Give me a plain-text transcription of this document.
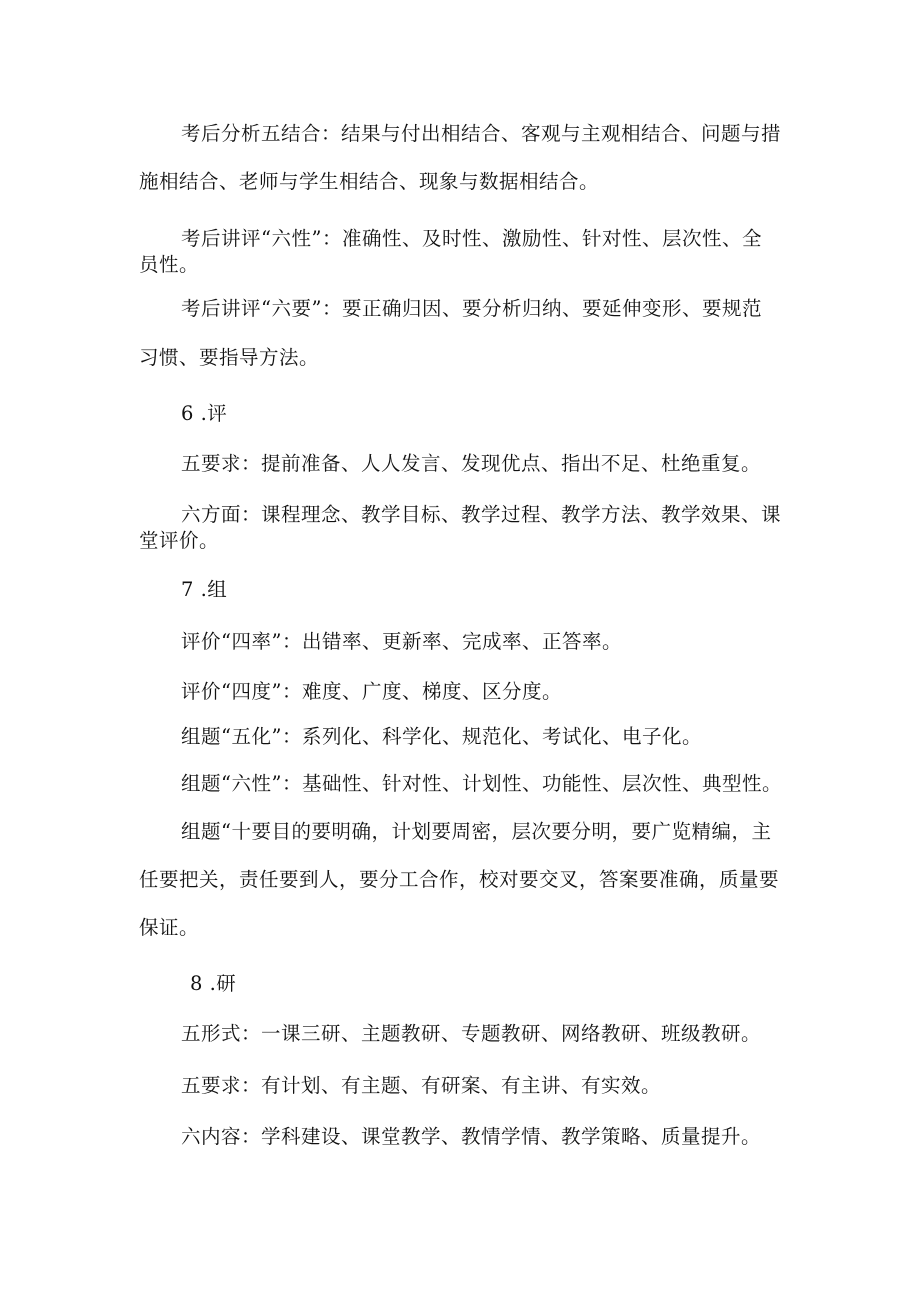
考后分析五结合：结果与付出相结合、客观与主观相结合、问题与措
施相结合、老师与学生相结合、现象与数据相结合。
考后讲评“六性”：准确性、及时性、激励性、针对性、层次性、全
员性。
考后讲评“六要”：要正确归因、要分析归纳、要延伸变形、要规范
习惯、要指导方法。
6 .评
五要求：提前准备、人人发言、发现优点、指出不足、杜绝重复。
六方面：课程理念、教学目标、教学过程、教学方法、教学效果、课
堂评价。
7 .组
评价“四率”：出错率、更新率、完成率、正答率。
评价“四度”：难度、广度、梯度、区分度。
组题“五化”：系列化、科学化、规范化、考试化、电子化。
组题“六性”：基础性、针对性、计划性、功能性、层次性、典型性。
组题“十要目的要明确，计划要周密，层次要分明，要广览精编，主
任要把关，责任要到人，要分工合作，校对要交叉，答案要准确，质量要
保证。
8 .研
五形式：一课三研、主题教研、专题教研、网络教研、班级教研。
五要求：有计划、有主题、有研案、有主讲、有实效。
六内容：学科建设、课堂教学、教情学情、教学策略、质量提升。
